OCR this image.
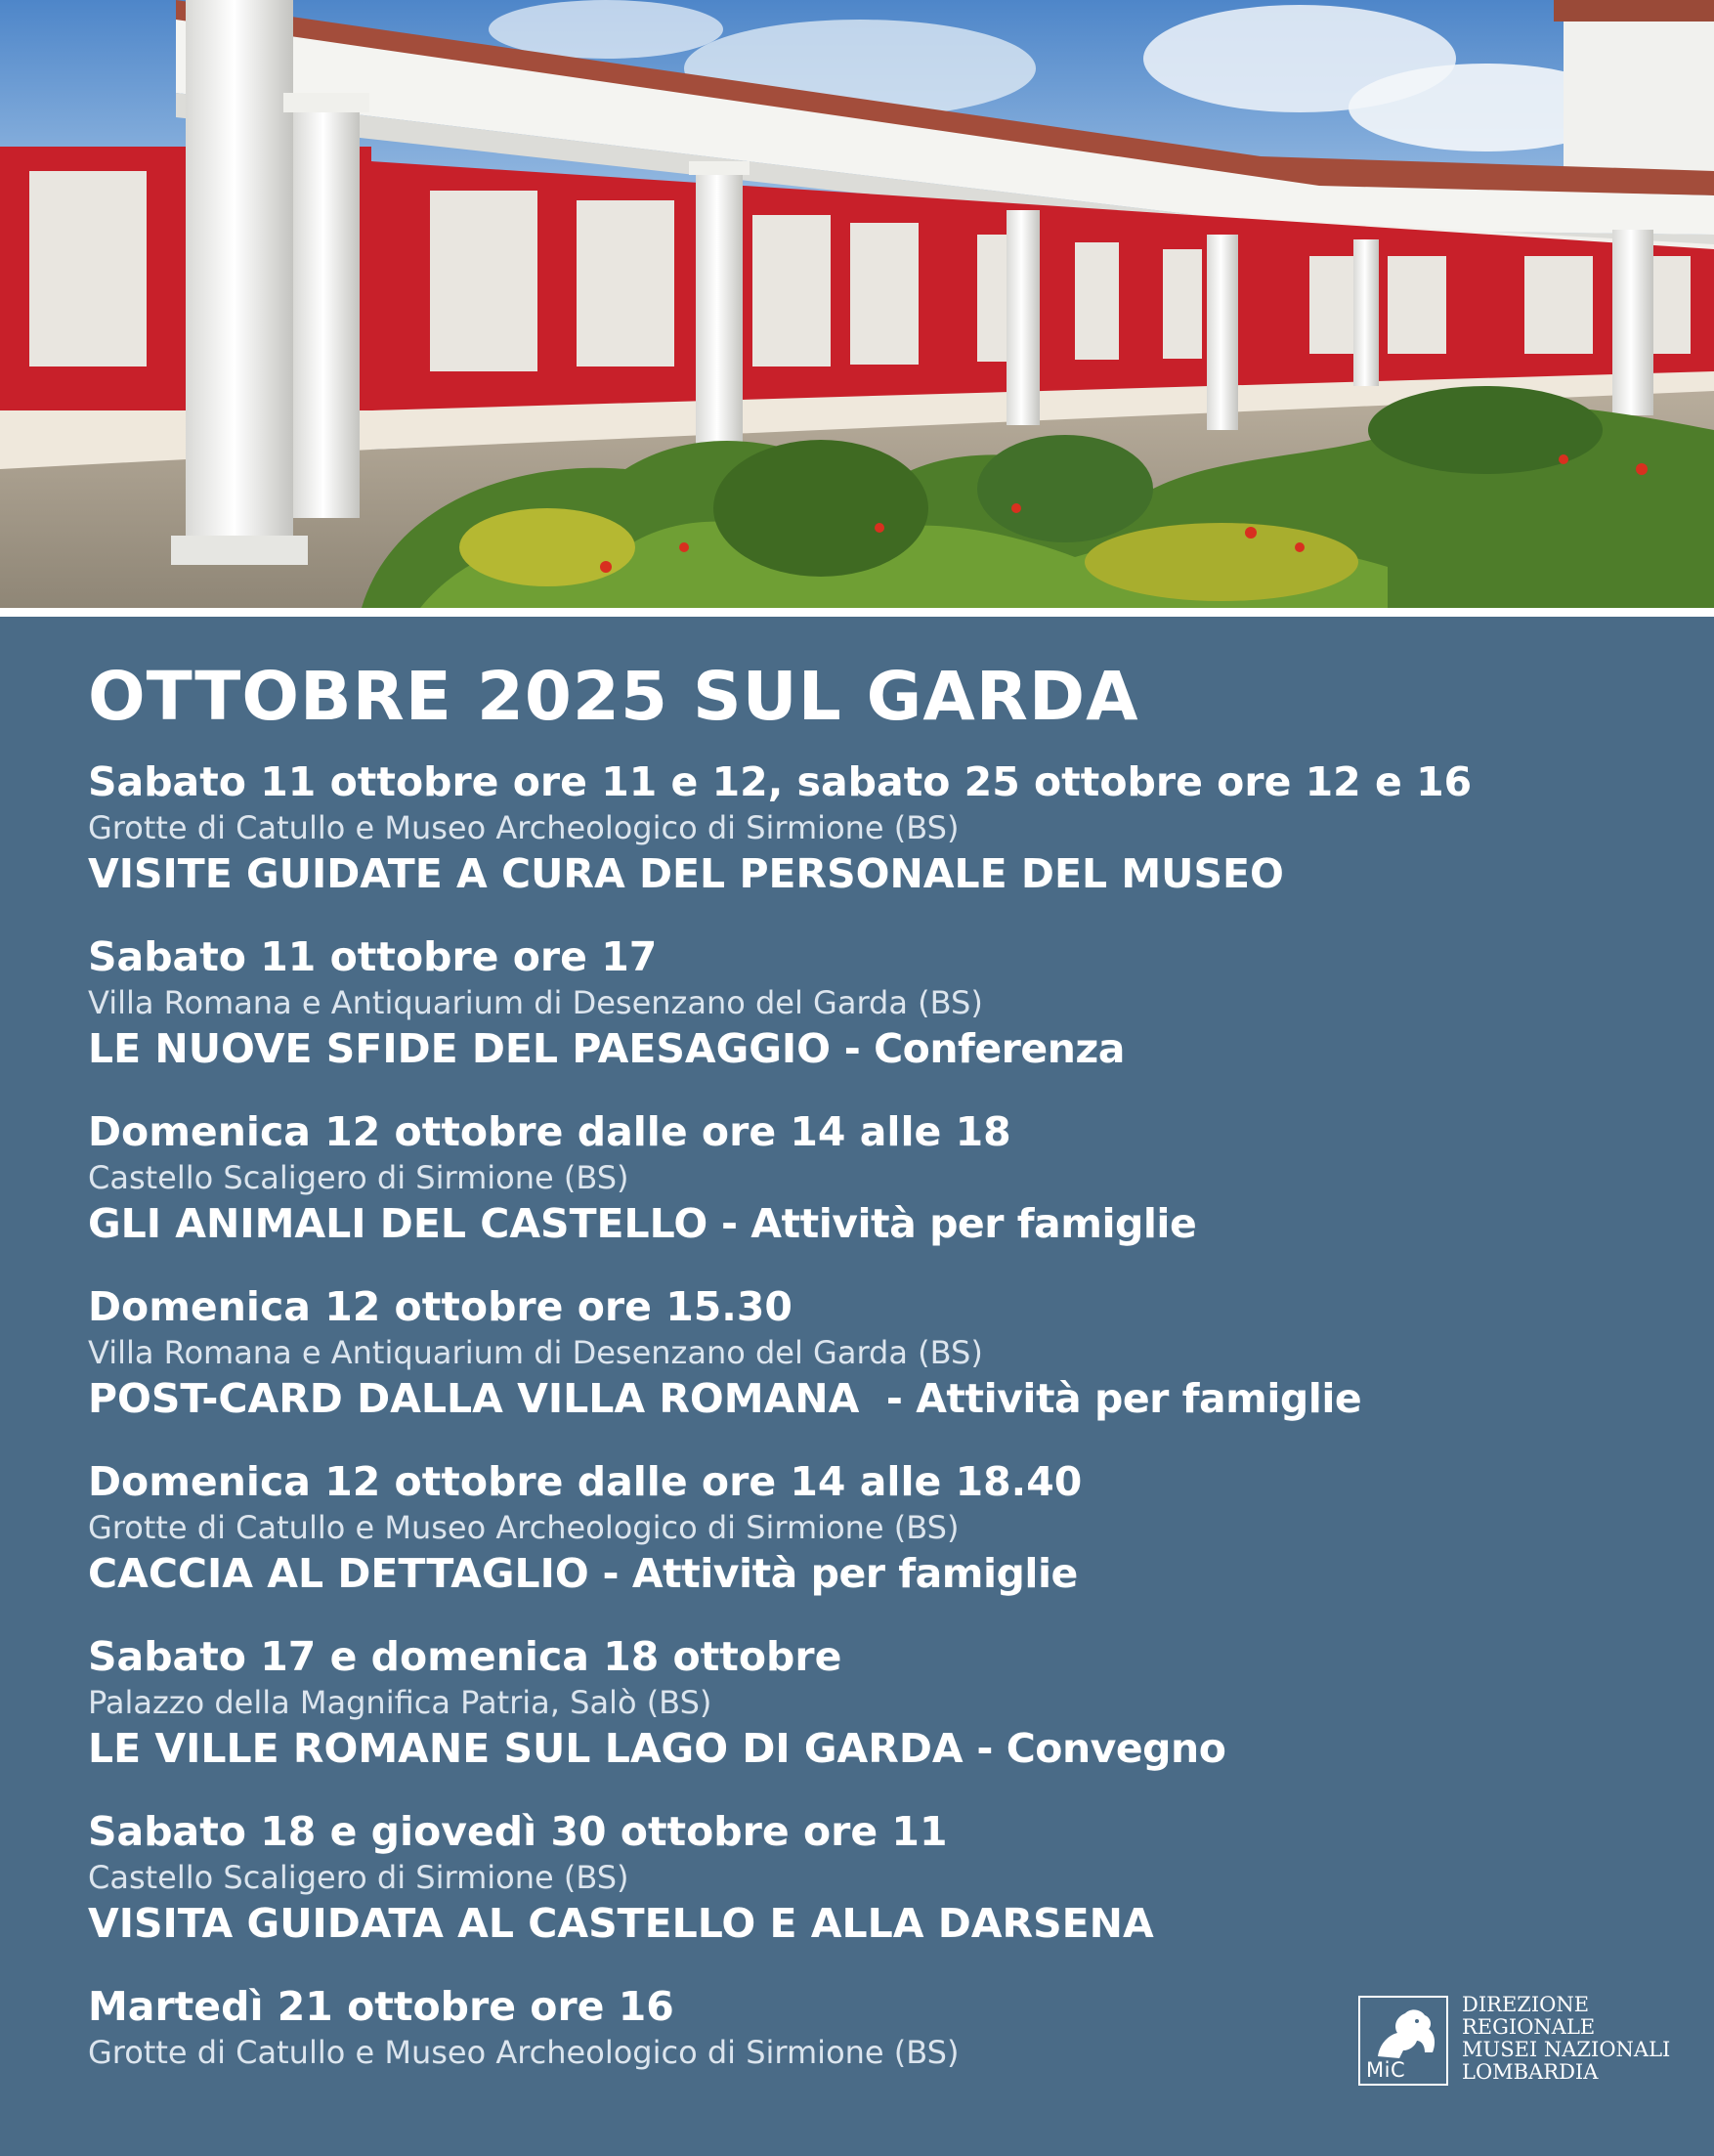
OTTOBRE 2025 SUL GARDA
Sabato 11 ottobre ore 11 e 12, sabato 25 ottobre ore 12 e 16
Grotte di Catullo e Museo Archeologico di Sirmione (BS)
VISITE GUIDATE A CURA DEL PERSONALE DEL MUSEO
Sabato 11 ottobre ore 17
Villa Romana e Antiquarium di Desenzano del Garda (BS)
LE NUOVE SFIDE DEL PAESAGGIO - Conferenza
Domenica 12 ottobre dalle ore 14 alle 18
Castello Scaligero di Sirmione (BS)
GLI ANIMALI DEL CASTELLO - Attività per famiglie
Domenica 12 ottobre ore 15.30
Villa Romana e Antiquarium di Desenzano del Garda (BS)
POST-CARD DALLA VILLA ROMANA  - Attività per famiglie
Domenica 12 ottobre dalle ore 14 alle 18.40
Grotte di Catullo e Museo Archeologico di Sirmione (BS)
CACCIA AL DETTAGLIO - Attività per famiglie
Sabato 17 e domenica 18 ottobre
Palazzo della Magnifica Patria, Salò (BS)
LE VILLE ROMANE SUL LAGO DI GARDA - Convegno
Sabato 18 e giovedì 30 ottobre ore 11
Castello Scaligero di Sirmione (BS)
VISITA GUIDATA AL CASTELLO E ALLA DARSENA
Martedì 21 ottobre ore 16
Grotte di Catullo e Museo Archeologico di Sirmione (BS)	MiC
DIREZIONE
REGIONALE
MUSEI NAZIONALI
LOMBARDIA
